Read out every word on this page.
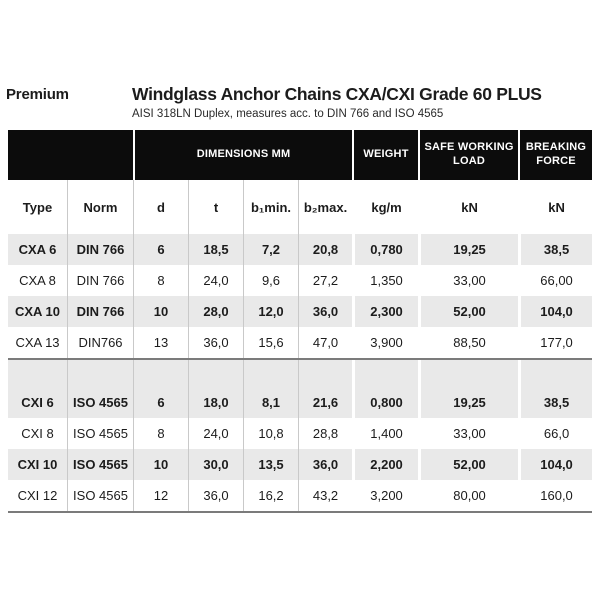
Premium	Windglass Anchor Chains CXA/CXI Grade 60 PLUS
AISI 318LN Duplex, measures acc. to DIN 766 and ISO 4565
		DIMENSIONS MM				WEIGHT	SAFE WORKING LOAD	BREAKING FORCE
Type	Norm	d	t	b₁min.	b₂max.	kg/m	kN	kN
CXA 6	DIN 766	6	18,5	7,2	20,8	0,780	19,25	38,5
CXA 8	DIN 766	8	24,0	9,6	27,2	1,350	33,00	66,00
CXA 10	DIN 766	10	28,0	12,0	36,0	2,300	52,00	104,0
CXA 13	DIN766	13	36,0	15,6	47,0	3,900	88,50	177,0

CXI 6	ISO 4565	6	18,0	8,1	21,6	0,800	19,25	38,5
CXI 8	ISO 4565	8	24,0	10,8	28,8	1,400	33,00	66,0
CXI 10	ISO 4565	10	30,0	13,5	36,0	2,200	52,00	104,0
CXI 12	ISO 4565	12	36,0	16,2	43,2	3,200	80,00	160,0
